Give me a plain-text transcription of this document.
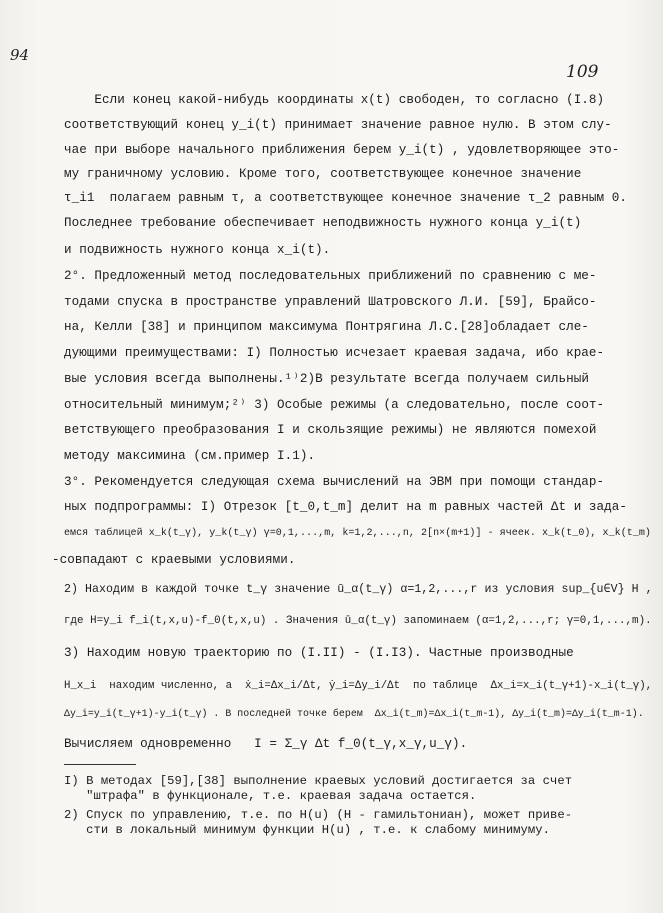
94
109
Если конец какой-нибудь координаты x(t) свободен, то согласно (I.8)
соответствующий конец y_i(t) принимает значение равное нулю. В этом слу-
чае при выборе начального приближения берем y_i(t) , удовлетворяющее это-
му граничному условию. Кроме того, соответствующее конечное значение
τ_i1  полагаем равным τ, а соответствующее конечное значение τ_2 равным 0.
Последнее требование обеспечивает неподвижность нужного конца y_i(t)
и подвижность нужного конца x_i(t).
2°. Предложенный метод последовательных приближений по сравнению с ме-
тодами спуска в пространстве управлений Шатровского Л.И. [59], Брайсо-
на, Келли [38] и принципом максимума Понтрягина Л.С.[28]обладает сле-
дующими преимуществами: I) Полностью исчезает краевая задача, ибо крае-
вые условия всегда выполнены.¹⁾2)В результате всегда получаем сильный
относительный минимум;²⁾ 3) Особые режимы (а следовательно, после соот-
ветствующего преобразования I и скользящие режимы) не являются помехой
методу максимина (см.пример I.1).
3°. Рекомендуется следующая схема вычислений на ЭВМ при помощи стандар-
ных подпрограммы: I) Отрезок [t_0,t_m] делит на m равных частей Δt и зада-
емся таблицей x_k(t_γ), y_k(t_γ) γ=0,1,...,m, k=1,2,...,n, 2[n×(m+1)] - ячеек. x_k(t_0), x_k(t_m)
-совпадают с краевыми условиями.
2) Находим в каждой точке t_γ значение ū_α(t_γ) α=1,2,...,r из условия sup_{u∈V} H ,
где H=y_i f_i(t,x,u)-f_0(t,x,u) . Значения ū_α(t_γ) запоминаем (α=1,2,...,r; γ=0,1,...,m).
3) Находим новую траекторию по (I.II) - (I.I3). Частные производные
H_x_i  находим численно, а  ẋ_i=Δx_i/Δt, ẏ_i=Δy_i/Δt  по таблице  Δx_i=x_i(t_γ+1)-x_i(t_γ),
Δy_i=y_i(t_γ+1)-y_i(t_γ) . В последней точке берем  Δx_i(t_m)=Δx_i(t_m-1), Δy_i(t_m)=Δy_i(t_m-1).
Вычисляем одновременно   I = Σ_γ Δt f_0(t_γ,x_γ,u_γ).
I) В методах [59],[38] выполнение краевых условий достигается за счет
"штрафа" в функционале, т.е. краевая задача остается.
2) Спуск по управлению, т.е. по H(u) (H - гамильтониан), может приве-
сти в локальный минимум функции H(u) , т.е. к слабому минимуму.
